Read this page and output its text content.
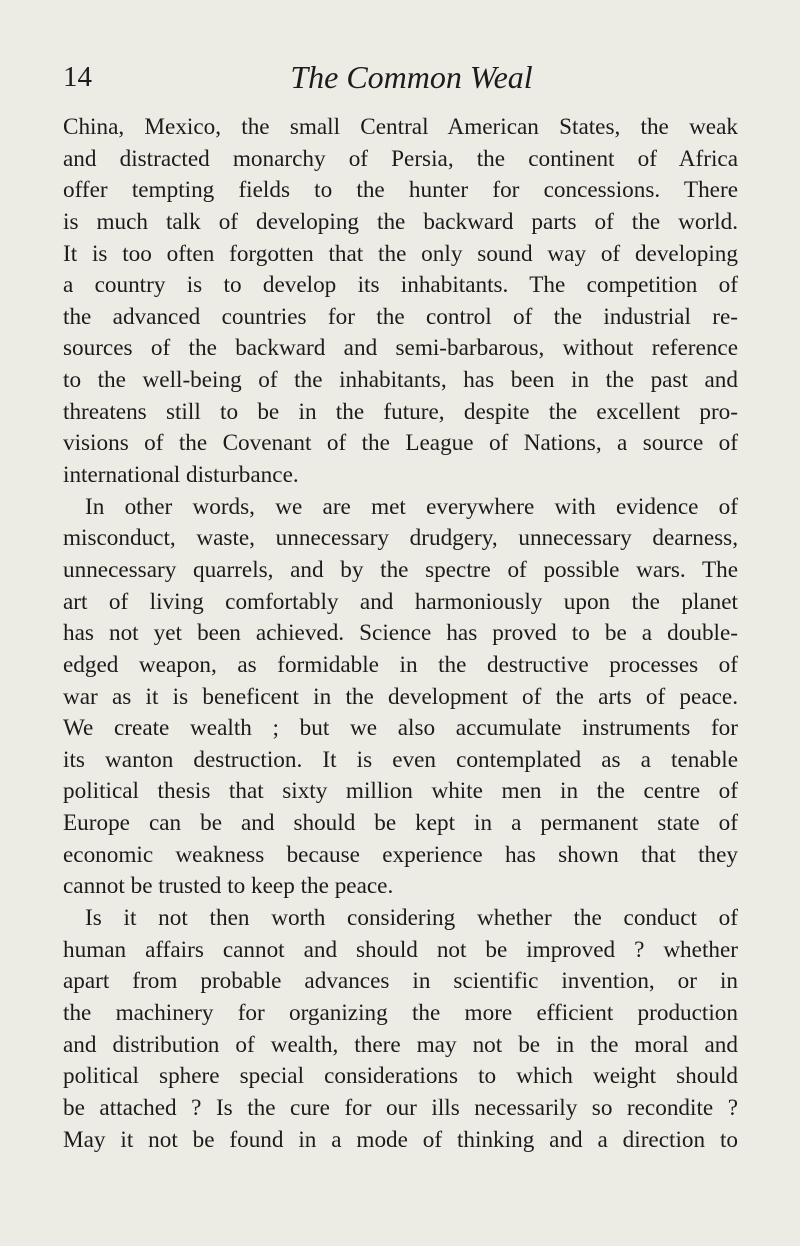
14	The Common Weal
China, Mexico, the small Central American States, the weak
and distracted monarchy of Persia, the continent of Africa
offer tempting fields to the hunter for concessions. There
is much talk of developing the backward parts of the world.
It is too often forgotten that the only sound way of developing
a country is to develop its inhabitants. The competition of
the advanced countries for the control of the industrial re-
sources of the backward and semi-barbarous, without reference
to the well-being of the inhabitants, has been in the past and
threatens still to be in the future, despite the excellent pro-
visions of the Covenant of the League of Nations, a source of
international disturbance.
In other words, we are met everywhere with evidence of
misconduct, waste, unnecessary drudgery, unnecessary dearness,
unnecessary quarrels, and by the spectre of possible wars. The
art of living comfortably and harmoniously upon the planet
has not yet been achieved. Science has proved to be a double-
edged weapon, as formidable in the destructive processes of
war as it is beneficent in the development of the arts of peace.
We create wealth ; but we also accumulate instruments for
its wanton destruction. It is even contemplated as a tenable
political thesis that sixty million white men in the centre of
Europe can be and should be kept in a permanent state of
economic weakness because experience has shown that they
cannot be trusted to keep the peace.
Is it not then worth considering whether the conduct of
human affairs cannot and should not be improved ? whether
apart from probable advances in scientific invention, or in
the machinery for organizing the more efficient production
and distribution of wealth, there may not be in the moral and
political sphere special considerations to which weight should
be attached ? Is the cure for our ills necessarily so recondite ?
May it not be found in a mode of thinking and a direction to
